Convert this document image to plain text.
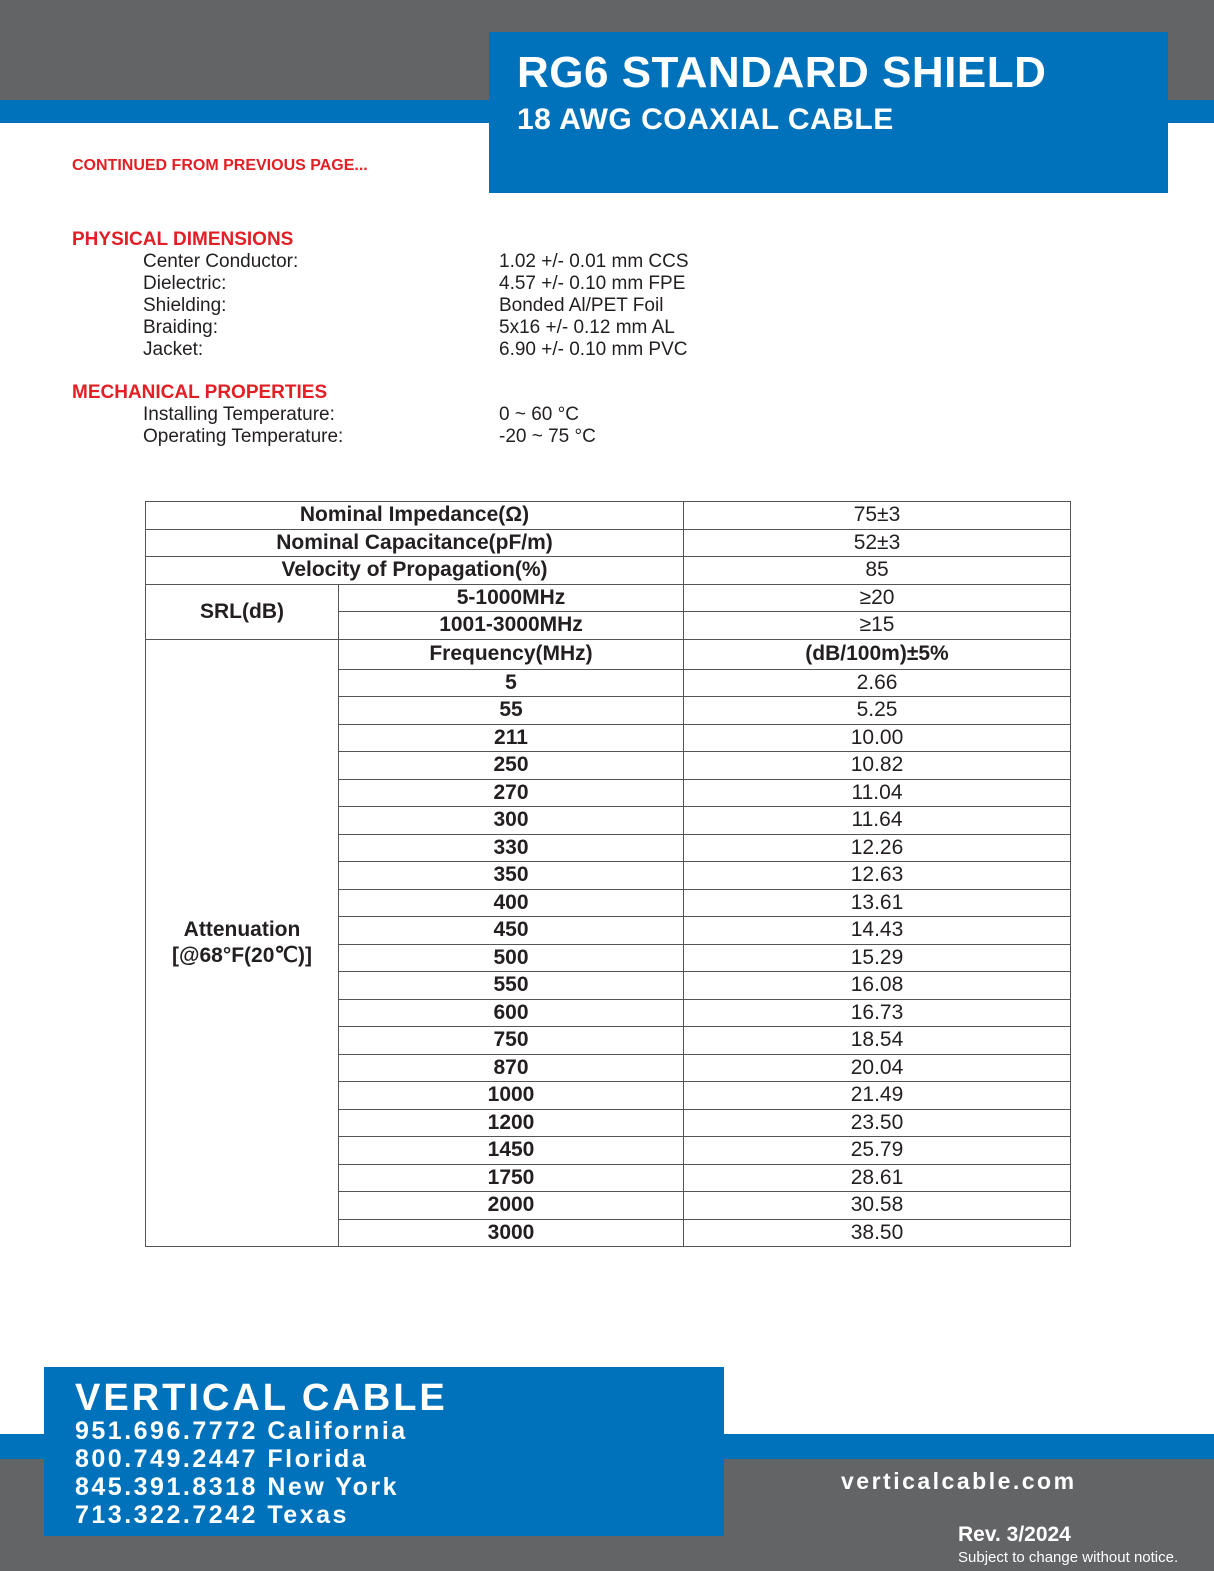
RG6 STANDARD SHIELD
18 AWG COAXIAL CABLE
CONTINUED FROM PREVIOUS PAGE...
PHYSICAL DIMENSIONS
Center Conductor:	1.02 +/- 0.01 mm CCS
Dielectric:	4.57 +/- 0.10 mm FPE
Shielding:	Bonded Al/PET Foil
Braiding:	5x16 +/- 0.12 mm AL
Jacket:	6.90 +/- 0.10 mm PVC
MECHANICAL PROPERTIES
Installing Temperature:	0 ~ 60 °C
Operating Temperature:	-20 ~ 75 °C
Nominal Impedance(Ω)		75±3
Nominal Capacitance(pF/m)		52±3
Velocity of Propagation(%)		85
SRL(dB)	5-1000MHz	≥20
	1001-3000MHz	≥15

Attenuation
[@68°F(20℃)]	Frequency(MHz)	(dB/100m)±5%
	5	2.66
	55	5.25
	211	10.00
	250	10.82
	270	11.04
	300	11.64
	330	12.26
	350	12.63
	400	13.61
	450	14.43
	500	15.29
	550	16.08
	600	16.73
	750	18.54
	870	20.04
	1000	21.49
	1200	23.50
	1450	25.79
	1750	28.61
	2000	30.58
	3000	38.50
VERTICAL CABLE
951.696.7772 California
800.749.2447 Florida
845.391.8318 New York
713.322.7242 Texas
verticalcable.com
Rev. 3/2024
Subject to change without notice.
